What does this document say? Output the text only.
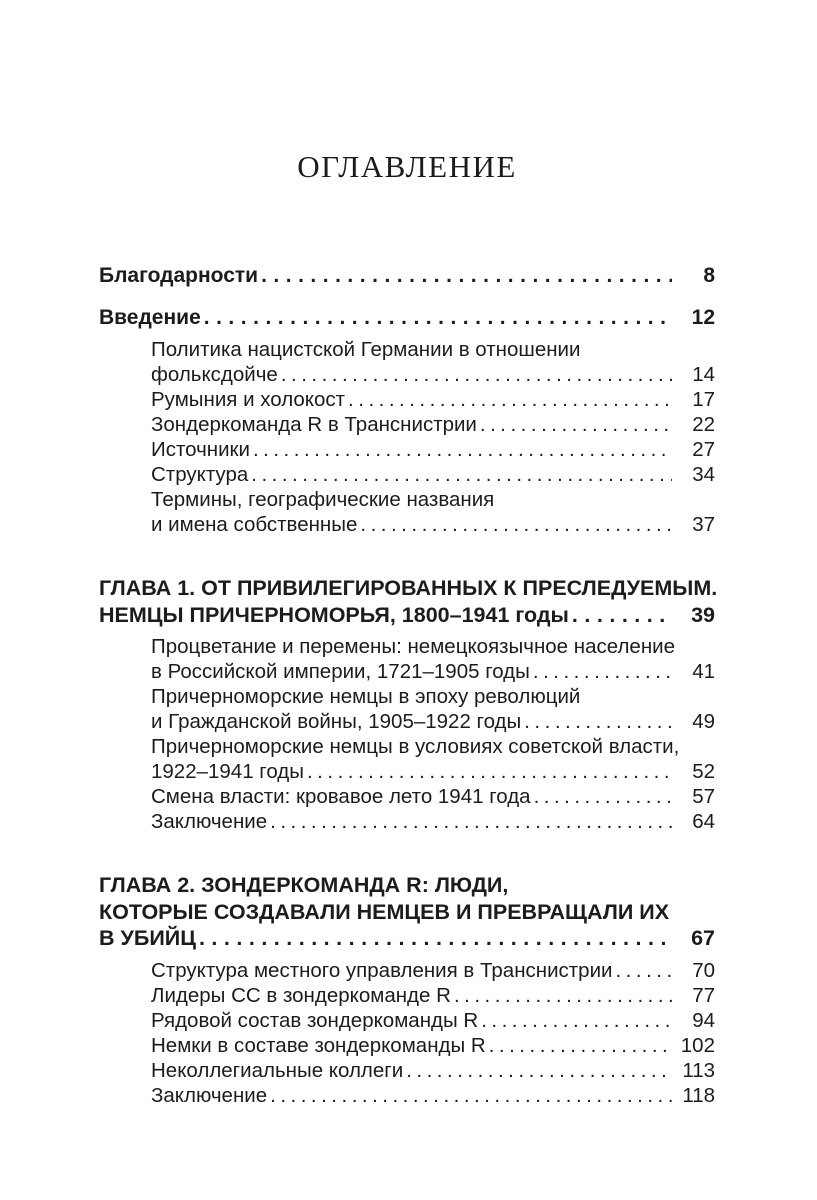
ОГЛАВЛЕНИЕ
Благодарности .....	8
Введение .....	12
Политика нацистской Германии в отношении
фольксдойче .....	14
Румыния и холокост .....	17
Зондеркоманда R в Транснистрии .....	22
Источники .....	27
Структура .....	34
Термины, географические названия
и имена собственные .....	37
ГЛАВА 1. ОТ ПРИВИЛЕГИРОВАННЫХ К ПРЕСЛЕДУЕМЫМ.
НЕМЦЫ ПРИЧЕРНОМОРЬЯ, 1800–1941 годы .....	39
Процветание и перемены: немецкоязычное население
в Российской империи, 1721–1905 годы .....	41
Причерноморские немцы в эпоху революций
и Гражданской войны, 1905–1922 годы .....	49
Причерноморские немцы в условиях советской власти,
1922–1941 годы .....	52
Смена власти: кровавое лето 1941 года .....	57
Заключение .....	64
ГЛАВА 2. ЗОНДЕРКОМАНДА R: ЛЮДИ,
КОТОРЫЕ СОЗДАВАЛИ НЕМЦЕВ И ПРЕВРАЩАЛИ ИХ
В УБИЙЦ .....	67
Структура местного управления в Транснистрии .....	70
Лидеры СС в зондеркоманде R .....	77
Рядовой состав зондеркоманды R .....	94
Немки в составе зондеркоманды R .....	102
Неколлегиальные коллеги .....	113
Заключение .....	118
